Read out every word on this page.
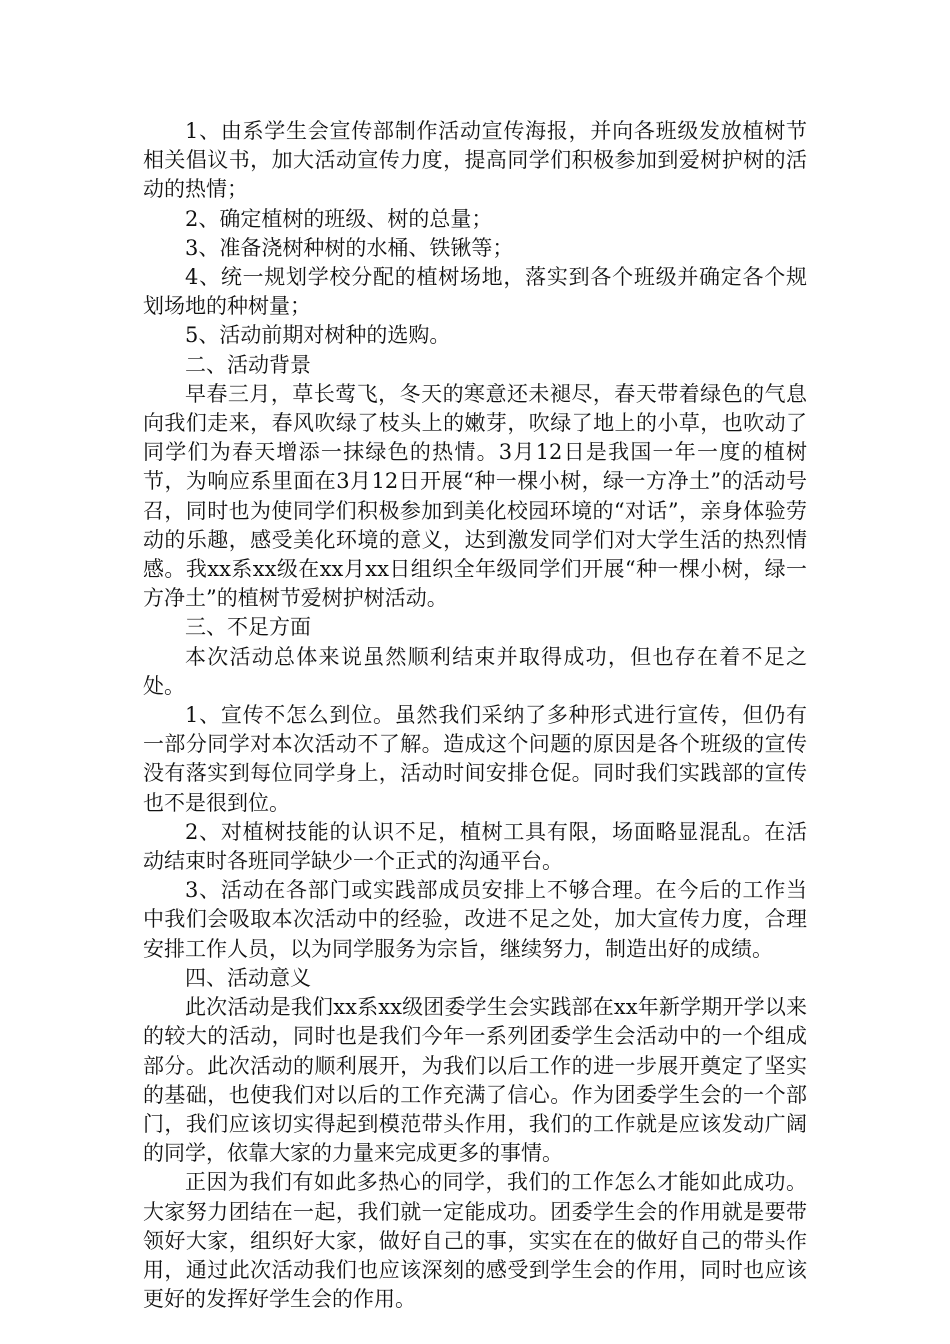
1、由系学生会宣传部制作活动宣传海报，并向各班级发放植树节相关倡议书，加大活动宣传力度，提高同学们积极参加到爱树护树的活动的热情；

2、确定植树的班级、树的总量；

3、准备浇树种树的水桶、铁锹等；

4、统一规划学校分配的植树场地，落实到各个班级并确定各个规划场地的种树量；

5、活动前期对树种的选购。

二、活动背景

早春三月，草长莺飞，冬天的寒意还未褪尽，春天带着绿色的气息向我们走来，春风吹绿了枝头上的嫩芽，吹绿了地上的小草，也吹动了同学们为春天增添一抹绿色的热情。3月12日是我国一年一度的植树节，为响应系里面在3月12日开展“种一棵小树，绿一方净土”的活动号召，同时也为使同学们积极参加到美化校园环境的“对话”，亲身体验劳动的乐趣，感受美化环境的意义，达到激发同学们对大学生活的热烈情感。我xx系xx级在xx月xx日组织全年级同学们开展“种一棵小树，绿一方净土”的植树节爱树护树活动。

三、不足方面

本次活动总体来说虽然顺利结束并取得成功，但也存在着不足之处。

1、宣传不怎么到位。虽然我们采纳了多种形式进行宣传，但仍有一部分同学对本次活动不了解。造成这个问题的原因是各个班级的宣传没有落实到每位同学身上，活动时间安排仓促。同时我们实践部的宣传也不是很到位。

2、对植树技能的认识不足，植树工具有限，场面略显混乱。在活动结束时各班同学缺少一个正式的沟通平台。

3、活动在各部门或实践部成员安排上不够合理。在今后的工作当中我们会吸取本次活动中的经验，改进不足之处，加大宣传力度，合理安排工作人员，以为同学服务为宗旨，继续努力，制造出好的成绩。

四、活动意义

此次活动是我们xx系xx级团委学生会实践部在xx年新学期开学以来的较大的活动，同时也是我们今年一系列团委学生会活动中的一个组成部分。此次活动的顺利展开，为我们以后工作的进一步展开奠定了坚实的基础，也使我们对以后的工作充满了信心。作为团委学生会的一个部门，我们应该切实得起到模范带头作用，我们的工作就是应该发动广阔的同学，依靠大家的力量来完成更多的事情。

正因为我们有如此多热心的同学，我们的工作怎么才能如此成功。大家努力团结在一起，我们就一定能成功。团委学生会的作用就是要带领好大家，组织好大家，做好自己的事，实实在在的做好自己的带头作用，通过此次活动我们也应该深刻的感受到学生会的作用，同时也应该更好的发挥好学生会的作用。
